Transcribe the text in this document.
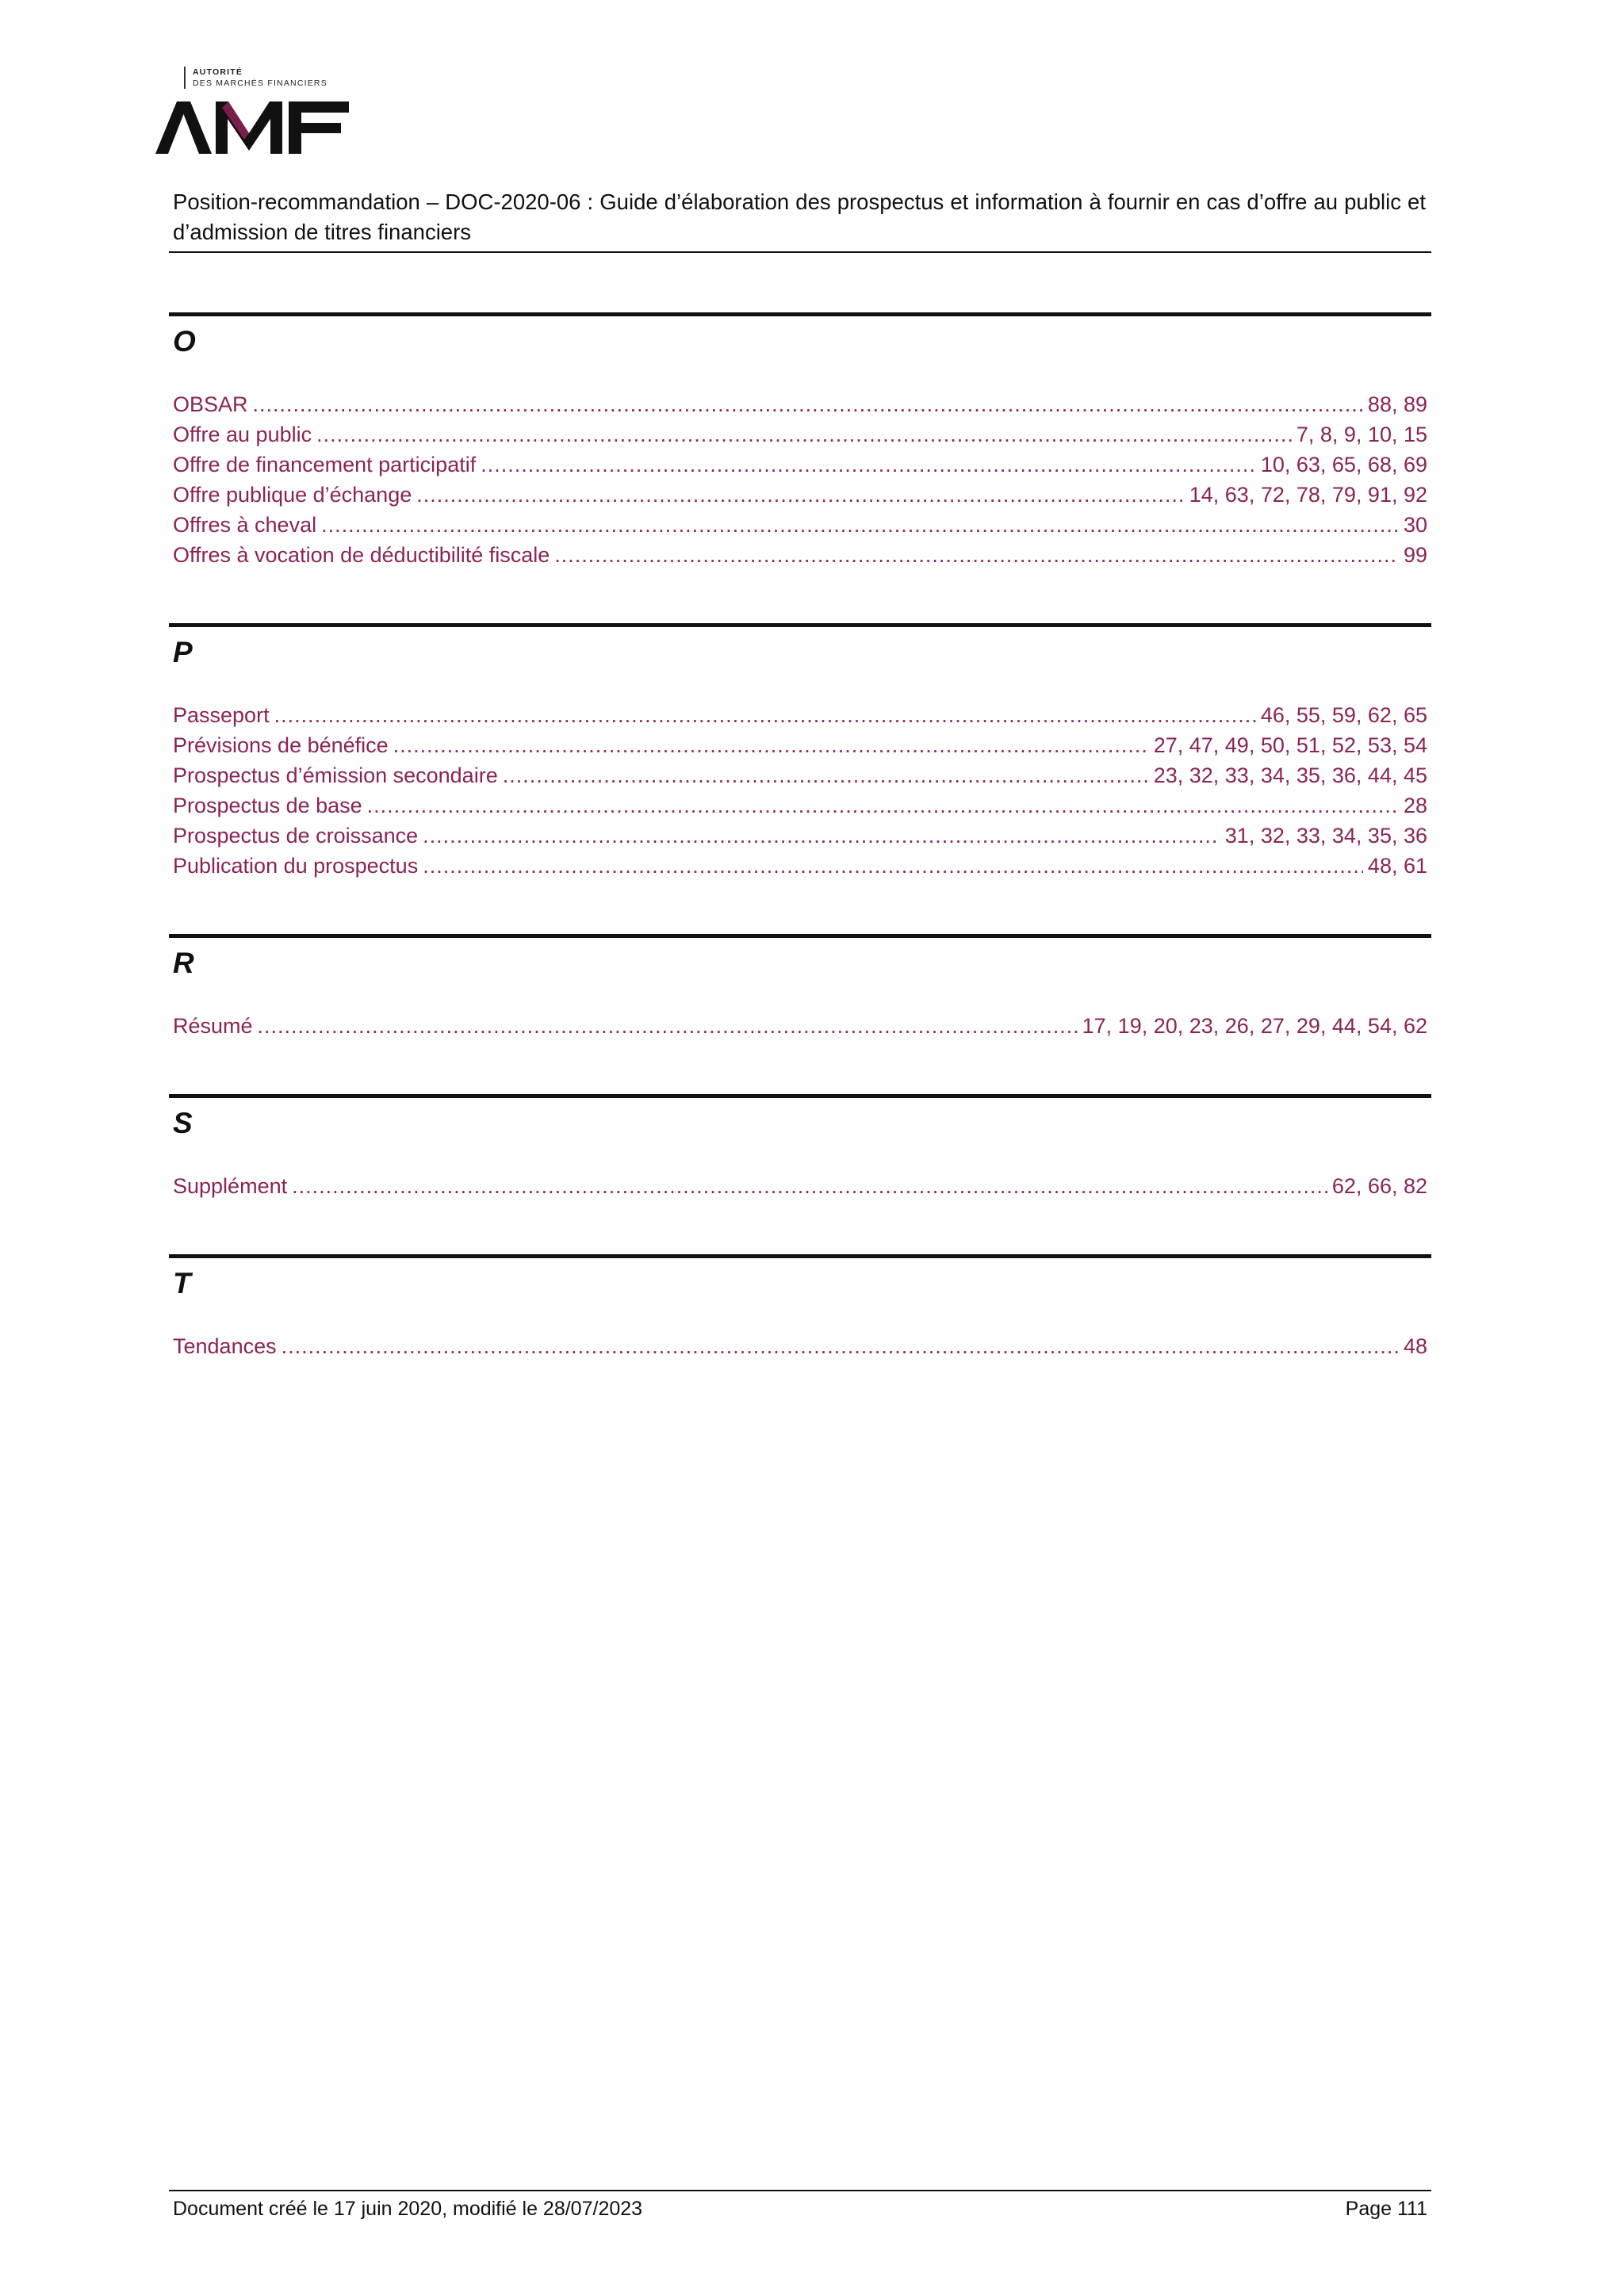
AUTORITÉ
DES MARCHÉS FINANCIERS
Position-recommandation – DOC-2020-06 : Guide d’élaboration des prospectus et information à fournir en cas d’offre au public et d’admission de titres financiers
O
OBSAR .....	88, 89
Offre au public .....	7, 8, 9, 10, 15
Offre de financement participatif .....	10, 63, 65, 68, 69
Offre publique d’échange .....	14, 63, 72, 78, 79, 91, 92
Offres à cheval .....	30
Offres à vocation de déductibilité fiscale .....	99
P
Passeport .....	46, 55, 59, 62, 65
Prévisions de bénéfice .....	27, 47, 49, 50, 51, 52, 53, 54
Prospectus d’émission secondaire .....	23, 32, 33, 34, 35, 36, 44, 45
Prospectus de base .....	28
Prospectus de croissance .....	31, 32, 33, 34, 35, 36
Publication du prospectus .....	48, 61
R
Résumé .....	17, 19, 20, 23, 26, 27, 29, 44, 54, 62
S
Supplément .....	62, 66, 82
T
Tendances .....	48
Document créé le 17 juin 2020, modifié le 28/07/2023	Page 111
